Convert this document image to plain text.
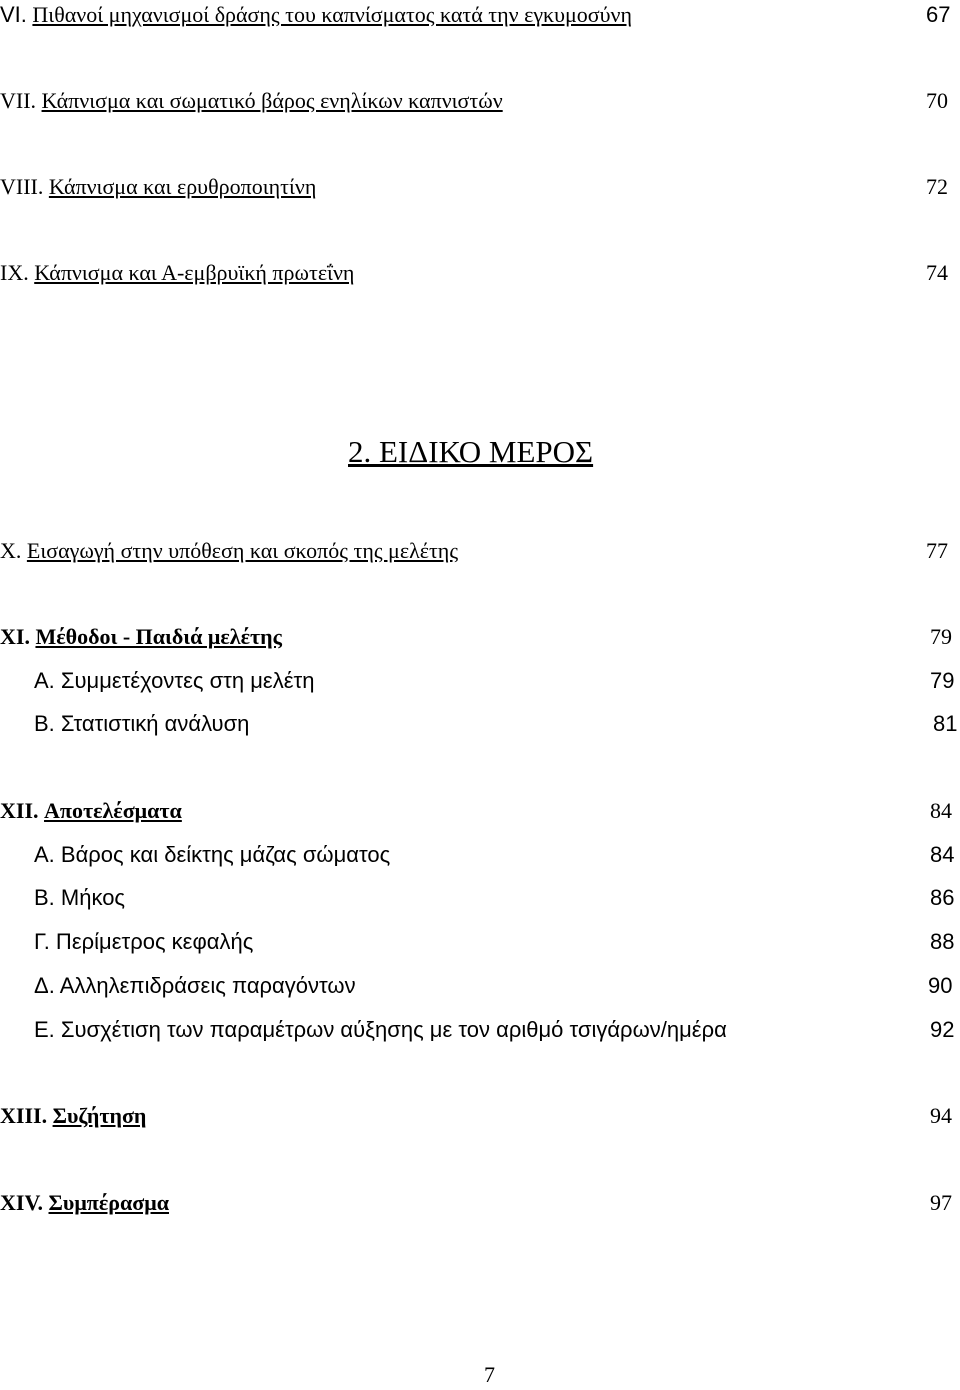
VI. Πιθανοί μηχανισμοί δράσης του καπνίσματος κατά την εγκυμοσύνη	67
VII. Κάπνισμα και σωματικό βάρος ενηλίκων καπνιστών	70
VIII. Κάπνισμα και ερυθροποιητίνη	72
IX. Κάπνισμα και Α-εμβρυϊκή πρωτεΐνη	74
2. ΕΙΔΙΚΟ ΜΕΡΟΣ
X. Εισαγωγή στην υπόθεση και σκοπός της μελέτης	77
XI. Μέθοδοι - Παιδιά μελέτης	79
Α. Συμμετέχοντες στη μελέτη	79
Β. Στατιστική ανάλυση	81
XII. Αποτελέσματα	84
Α. Βάρος και δείκτης μάζας σώματος	84
Β. Μήκος	86
Γ. Περίμετρος κεφαλής	88
Δ. Αλληλεπιδράσεις παραγόντων	90
Ε. Συσχέτιση των παραμέτρων αύξησης με τον αριθμό τσιγάρων/ημέρα	92
XIII. Συζήτηση	94
XIV. Συμπέρασμα	97
7
